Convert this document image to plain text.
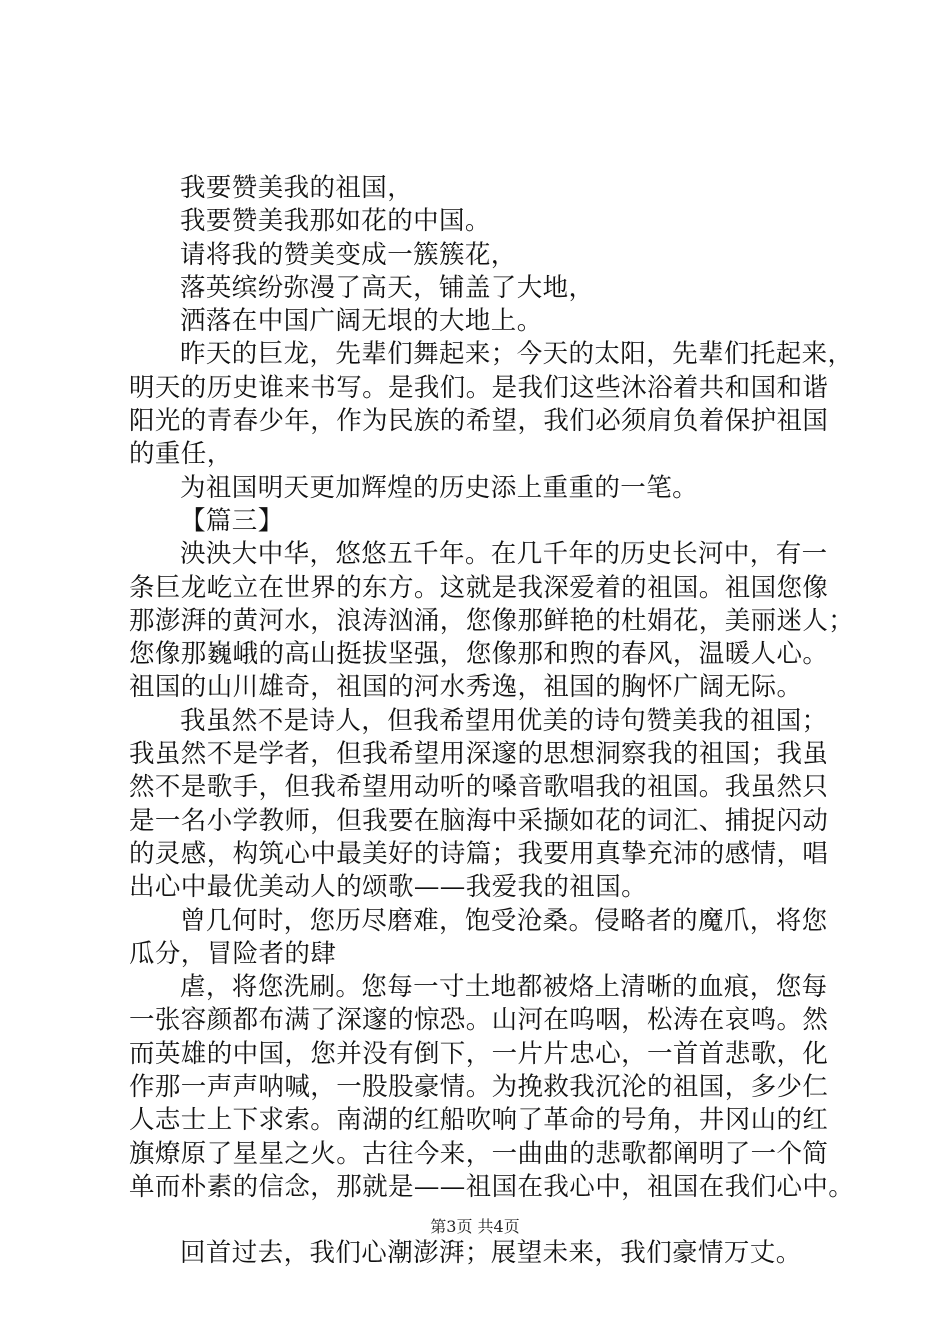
我要赞美我的祖国，
我要赞美我那如花的中国。
请将我的赞美变成一簇簇花，
落英缤纷弥漫了高天，铺盖了大地，
洒落在中国广阔无垠的大地上。
昨天的巨龙，先辈们舞起来；今天的太阳，先辈们托起来，
明天的历史谁来书写。是我们。是我们这些沐浴着共和国和谐
阳光的青春少年，作为民族的希望，我们必须肩负着保护祖国
的重任，
为祖国明天更加辉煌的历史添上重重的一笔。
【篇三】
泱泱大中华，悠悠五千年。在几千年的历史长河中，有一
条巨龙屹立在世界的东方。这就是我深爱着的祖国。祖国您像
那澎湃的黄河水，浪涛汹涌，您像那鲜艳的杜娟花，美丽迷人；
您像那巍峨的高山挺拔坚强，您像那和煦的春风，温暖人心。
祖国的山川雄奇，祖国的河水秀逸，祖国的胸怀广阔无际。
我虽然不是诗人，但我希望用优美的诗句赞美我的祖国；
我虽然不是学者，但我希望用深邃的思想洞察我的祖国；我虽
然不是歌手，但我希望用动听的嗓音歌唱我的祖国。我虽然只
是一名小学教师，但我要在脑海中采撷如花的词汇、捕捉闪动
的灵感，构筑心中最美好的诗篇；我要用真挚充沛的感情，唱
出心中最优美动人的颂歌——我爱我的祖国。
曾几何时，您历尽磨难，饱受沧桑。侵略者的魔爪，将您
瓜分，冒险者的肆
虐，将您洗刷。您每一寸土地都被烙上清晰的血痕，您每
一张容颜都布满了深邃的惊恐。山河在呜咽，松涛在哀鸣。然
而英雄的中国，您并没有倒下，一片片忠心，一首首悲歌，化
作那一声声呐喊，一股股豪情。为挽救我沉沦的祖国，多少仁
人志士上下求索。南湖的红船吹响了革命的号角，井冈山的红
旗燎原了星星之火。古往今来，一曲曲的悲歌都阐明了一个简
单而朴素的信念，那就是——祖国在我心中，祖国在我们心中。
回首过去，我们心潮澎湃；展望未来，我们豪情万丈。
第3页 共4页
